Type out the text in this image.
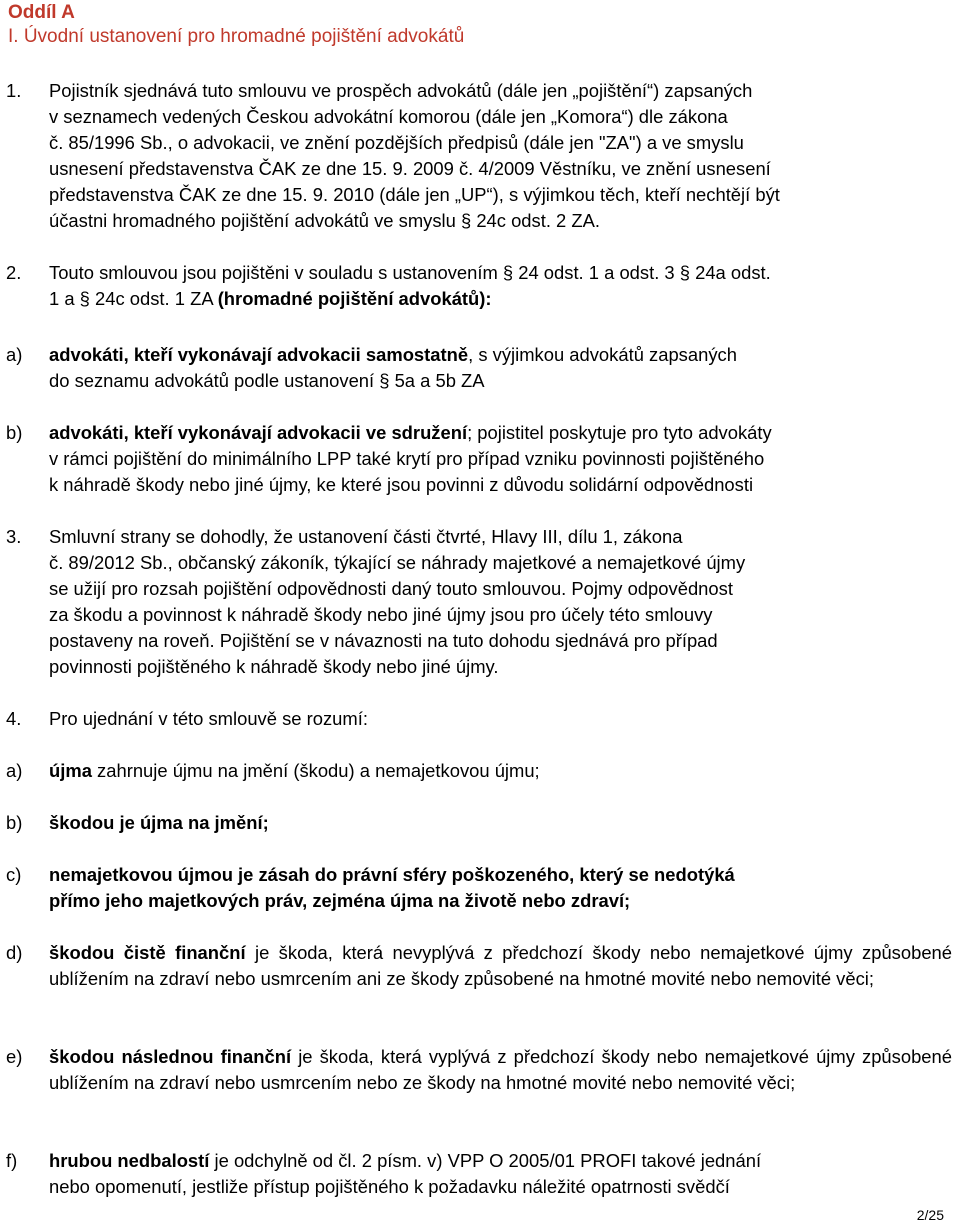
Oddíl A
I. Úvodní ustanovení pro hromadné pojištění advokátů
1.	Pojistník sjednává tuto smlouvu ve prospěch advokátů (dále jen „pojištění“) zapsaných
v seznamech vedených Českou advokátní komorou (dále jen „Komora“) dle zákona
č. 85/1996 Sb., o advokacii, ve znění pozdějších předpisů (dále jen "ZA") a ve smyslu
usnesení představenstva ČAK ze dne 15. 9. 2009 č. 4/2009 Věstníku, ve znění usnesení
představenstva ČAK ze dne 15. 9. 2010 (dále jen „UP“), s výjimkou těch, kteří nechtějí být
účastni hromadného pojištění advokátů ve smyslu § 24c odst. 2 ZA.
2.	Touto smlouvou jsou pojištěni v souladu s ustanovením § 24 odst. 1 a odst. 3 § 24a odst.
1 a § 24c odst. 1 ZA (hromadné pojištění advokátů):
a)	advokáti, kteří vykonávají advokacii samostatně, s výjimkou advokátů zapsaných
do seznamu advokátů podle ustanovení § 5a a 5b ZA
b)	advokáti, kteří vykonávají advokacii ve sdružení; pojistitel poskytuje pro tyto advokáty
v rámci pojištění do minimálního LPP také krytí pro případ vzniku povinnosti pojištěného
k náhradě škody nebo jiné újmy, ke které jsou povinni z důvodu solidární odpovědnosti
3.	Smluvní strany se dohodly, že ustanovení části čtvrté, Hlavy III, dílu 1, zákona
č. 89/2012 Sb., občanský zákoník, týkající se náhrady majetkové a nemajetkové újmy
se užijí pro rozsah pojištění odpovědnosti daný touto smlouvou. Pojmy odpovědnost
za škodu a povinnost k náhradě škody nebo jiné újmy jsou pro účely této smlouvy
postaveny na roveň. Pojištění se v návaznosti na tuto dohodu sjednává pro případ
povinnosti pojištěného k náhradě škody nebo jiné újmy.
4.	Pro ujednání v této smlouvě se rozumí:
a)	újma zahrnuje újmu na jmění (škodu) a nemajetkovou újmu;
b)	škodou je újma na jmění;
c)	nemajetkovou újmou je zásah do právní sféry poškozeného, který se nedotýká
přímo jeho majetkových práv, zejména újma na životě nebo zdraví;
d)	škodou čistě finanční je škoda, která nevyplývá z předchozí škody nebo nemajetkové újmy způsobené ublížením na zdraví nebo usmrcením ani ze škody způsobené na hmotné movité nebo nemovité věci;
e)	škodou následnou finanční je škoda, která vyplývá z předchozí škody nebo nemajetkové újmy způsobené ublížením na zdraví nebo usmrcením nebo ze škody na hmotné movité nebo nemovité věci;
f)	hrubou nedbalostí je odchylně od čl. 2 písm. v) VPP O 2005/01 PROFI takové jednání
nebo opomenutí, jestliže přístup pojištěného k požadavku náležité opatrnosti svědčí
2/25
